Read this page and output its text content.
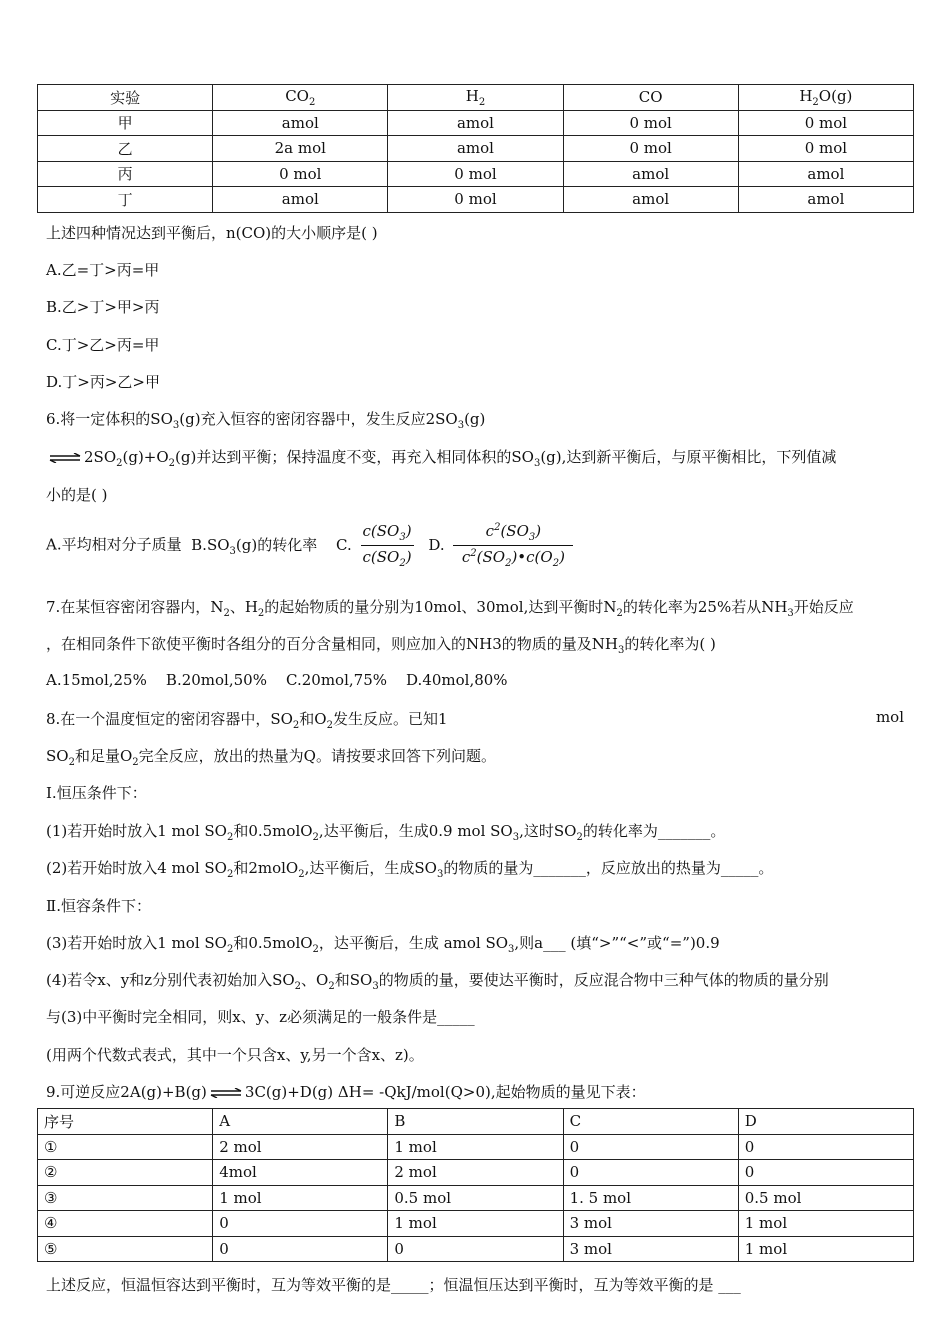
实验	$CO_2$	$H_2$	CO	$H_2O(g)$
甲	amol	amol	0 mol	0 mol
乙	2a mol	amol	0 mol	0 mol
丙	0 mol	0 mol	amol	amol
丁	amol	0 mol	amol	amol
上述四种情况达到平衡后，n(CO)的大小顺序是( )
A.乙=丁>丙=甲
B.乙>丁>甲>丙
C.丁>乙>丙=甲
D.丁>丙>乙>甲
6.将一定体积的$SO_3(g)$充入恒容的密闭容器中，发生反应$2SO_3(g)$
⇌ $2SO_2(g)+O_2(g)$并达到平衡；保持温度不变，再充入相同体积的$SO_3(g)$,达到新平衡后，与原平衡相比，下列值减
小的是( )
A.平均相对分子质量  $B.SO_3(g)$的转化率 C. $\frac{c(SO_3)}{c(SO_2)} D$. $\frac{c^2(SO_3)}{c^2(SO_2)•c(O_2)}$
7.在某恒容密闭容器内，$N_2$、$H_2$的起始物质的量分别为10mol、30mol,达到平衡时$N_2$的转化率为25%若从$NH_3$开始反应
，在相同条件下欲使平衡时各组分的百分含量相同，则应加入的NH3的物质的量及$NH_3$的转化率为( )
A.15mol,25%    B.20mol,50%    C.20mol,75%    D.40mol,80%
8.在一个温度恒定的密闭容器中，$SO_2$和$O_2$发生反应。已知1	mol
$SO_2$和足量$O_2$完全反应，放出的热量为Q。请按要求回答下列问题。
I.恒压条件下：
(1)若开始时放入1 mol $SO_2$和0.5molO$_2$,达平衡后，生成0.9 mol $SO_3$,这时$SO_2$的转化率为_______。
(2)若开始时放入4 mol $SO_2$和2molO$_2$,达平衡后，生成$SO_3$的物质的量为_______，反应放出的热量为_____。
Ⅱ.恒容条件下：
(3)若开始时放入1 mol $SO_2$和0.5molO$_2$，达平衡后，生成 amol $SO_3$,则a___ (填“>”“<”或“=”)0.9
(4)若令x、y和z分别代表初始加入$SO_2$、$O_2$和$SO_3$的物质的量，要使达平衡时，反应混合物中三种气体的物质的量分别
与(3)中平衡时完全相同，则x、y、z必须满足的一般条件是_____
(用两个代数式表式，其中一个只含x、y,另一个含x、z)。
9.可逆反应2A(g)+B(g) ⇌ 3C(g)+D(g) ΔH= -QkJ/mol(Q>0),起始物质的量见下表：
序号	A	B	C	D
①	2 mol	1 mol	0	0
②	4mol	2 mol	0	0
③	1 mol	0.5 mol	1. 5 mol	0.5 mol
④	0	1 mol	3 mol	1 mol
⑤	0	0	3 mol	1 mol
上述反应，恒温恒容达到平衡时，互为等效平衡的是_____；恒温恒压达到平衡时，互为等效平衡的是 ___
